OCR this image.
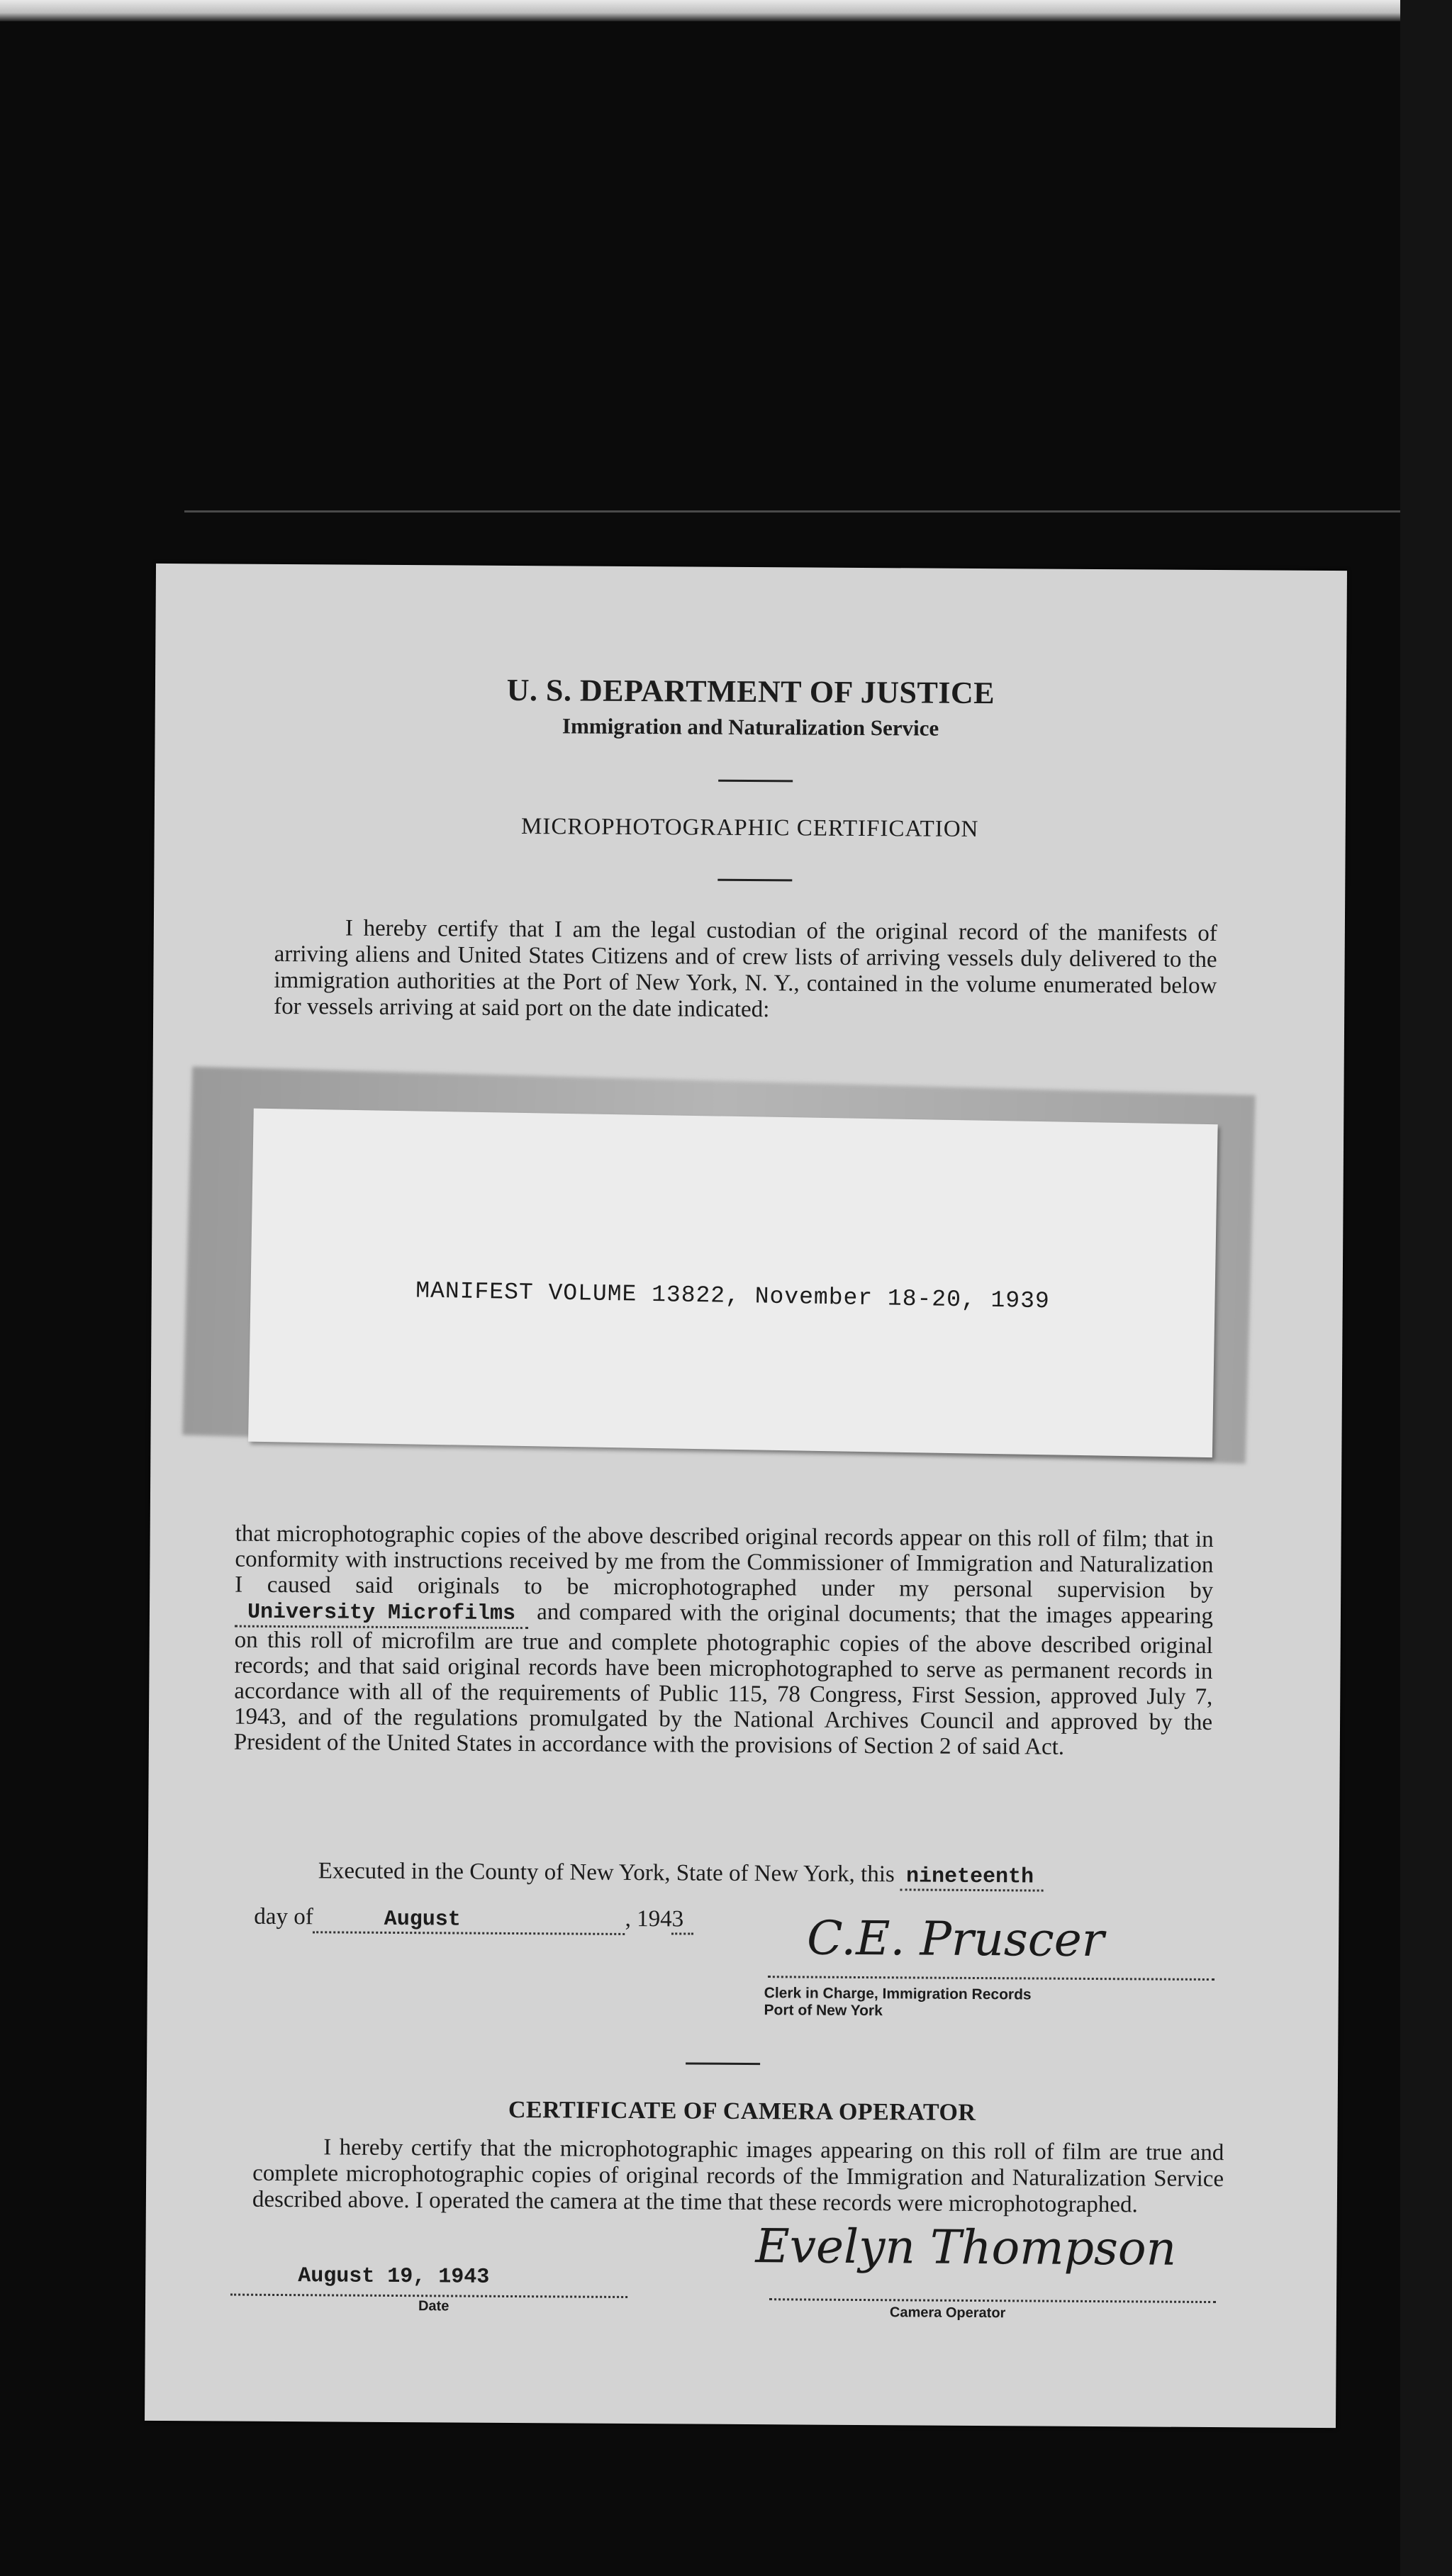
U. S. DEPARTMENT OF JUSTICE
Immigration and Naturalization Service
MICROPHOTOGRAPHIC CERTIFICATION
I hereby certify that I am the legal custodian of the original record of the manifests of arriving aliens and United States Citizens and of crew lists of arriving vessels duly delivered to the immigration authorities at the Port of New York, N. Y., contained in the volume enumerated below for vessels arriving at said port on the date indicated:
MANIFEST VOLUME 13822, November 18-20, 1939
that microphotographic copies of the above described original records appear on this roll of film; that in conformity with instructions received by me from the Commissioner of Immigration and Naturalization I caused said originals to be microphotographed under my personal supervision byUniversity Microfilms and compared with the original documents; that the images appearing on this roll of microfilm are true and complete photographic copies of the above described original records; and that said original records have been microphotographed to serve as permanent records in accordance with all of the requirements of Public 115, 78 Congress, First Session, approved July 7, 1943, and of the regulations promulgated by the National Archives Council and approved by the President of the United States in accordance with the provisions of Section 2 of said Act.
Executed in the County of New York, State of New York, this nineteenth
day of	August	, 1943	C.E. Pruscer
Clerk in Charge, Immigration Records
Port of New York
CERTIFICATE OF CAMERA OPERATOR
I hereby certify that the microphotographic images appearing on this roll of film are true and complete microphotographic copies of original records of the Immigration and Naturalization Service described above. I operated the camera at the time that these records were microphotographed.
August 19, 1943
Date
Evelyn Thompson
Camera Operator
